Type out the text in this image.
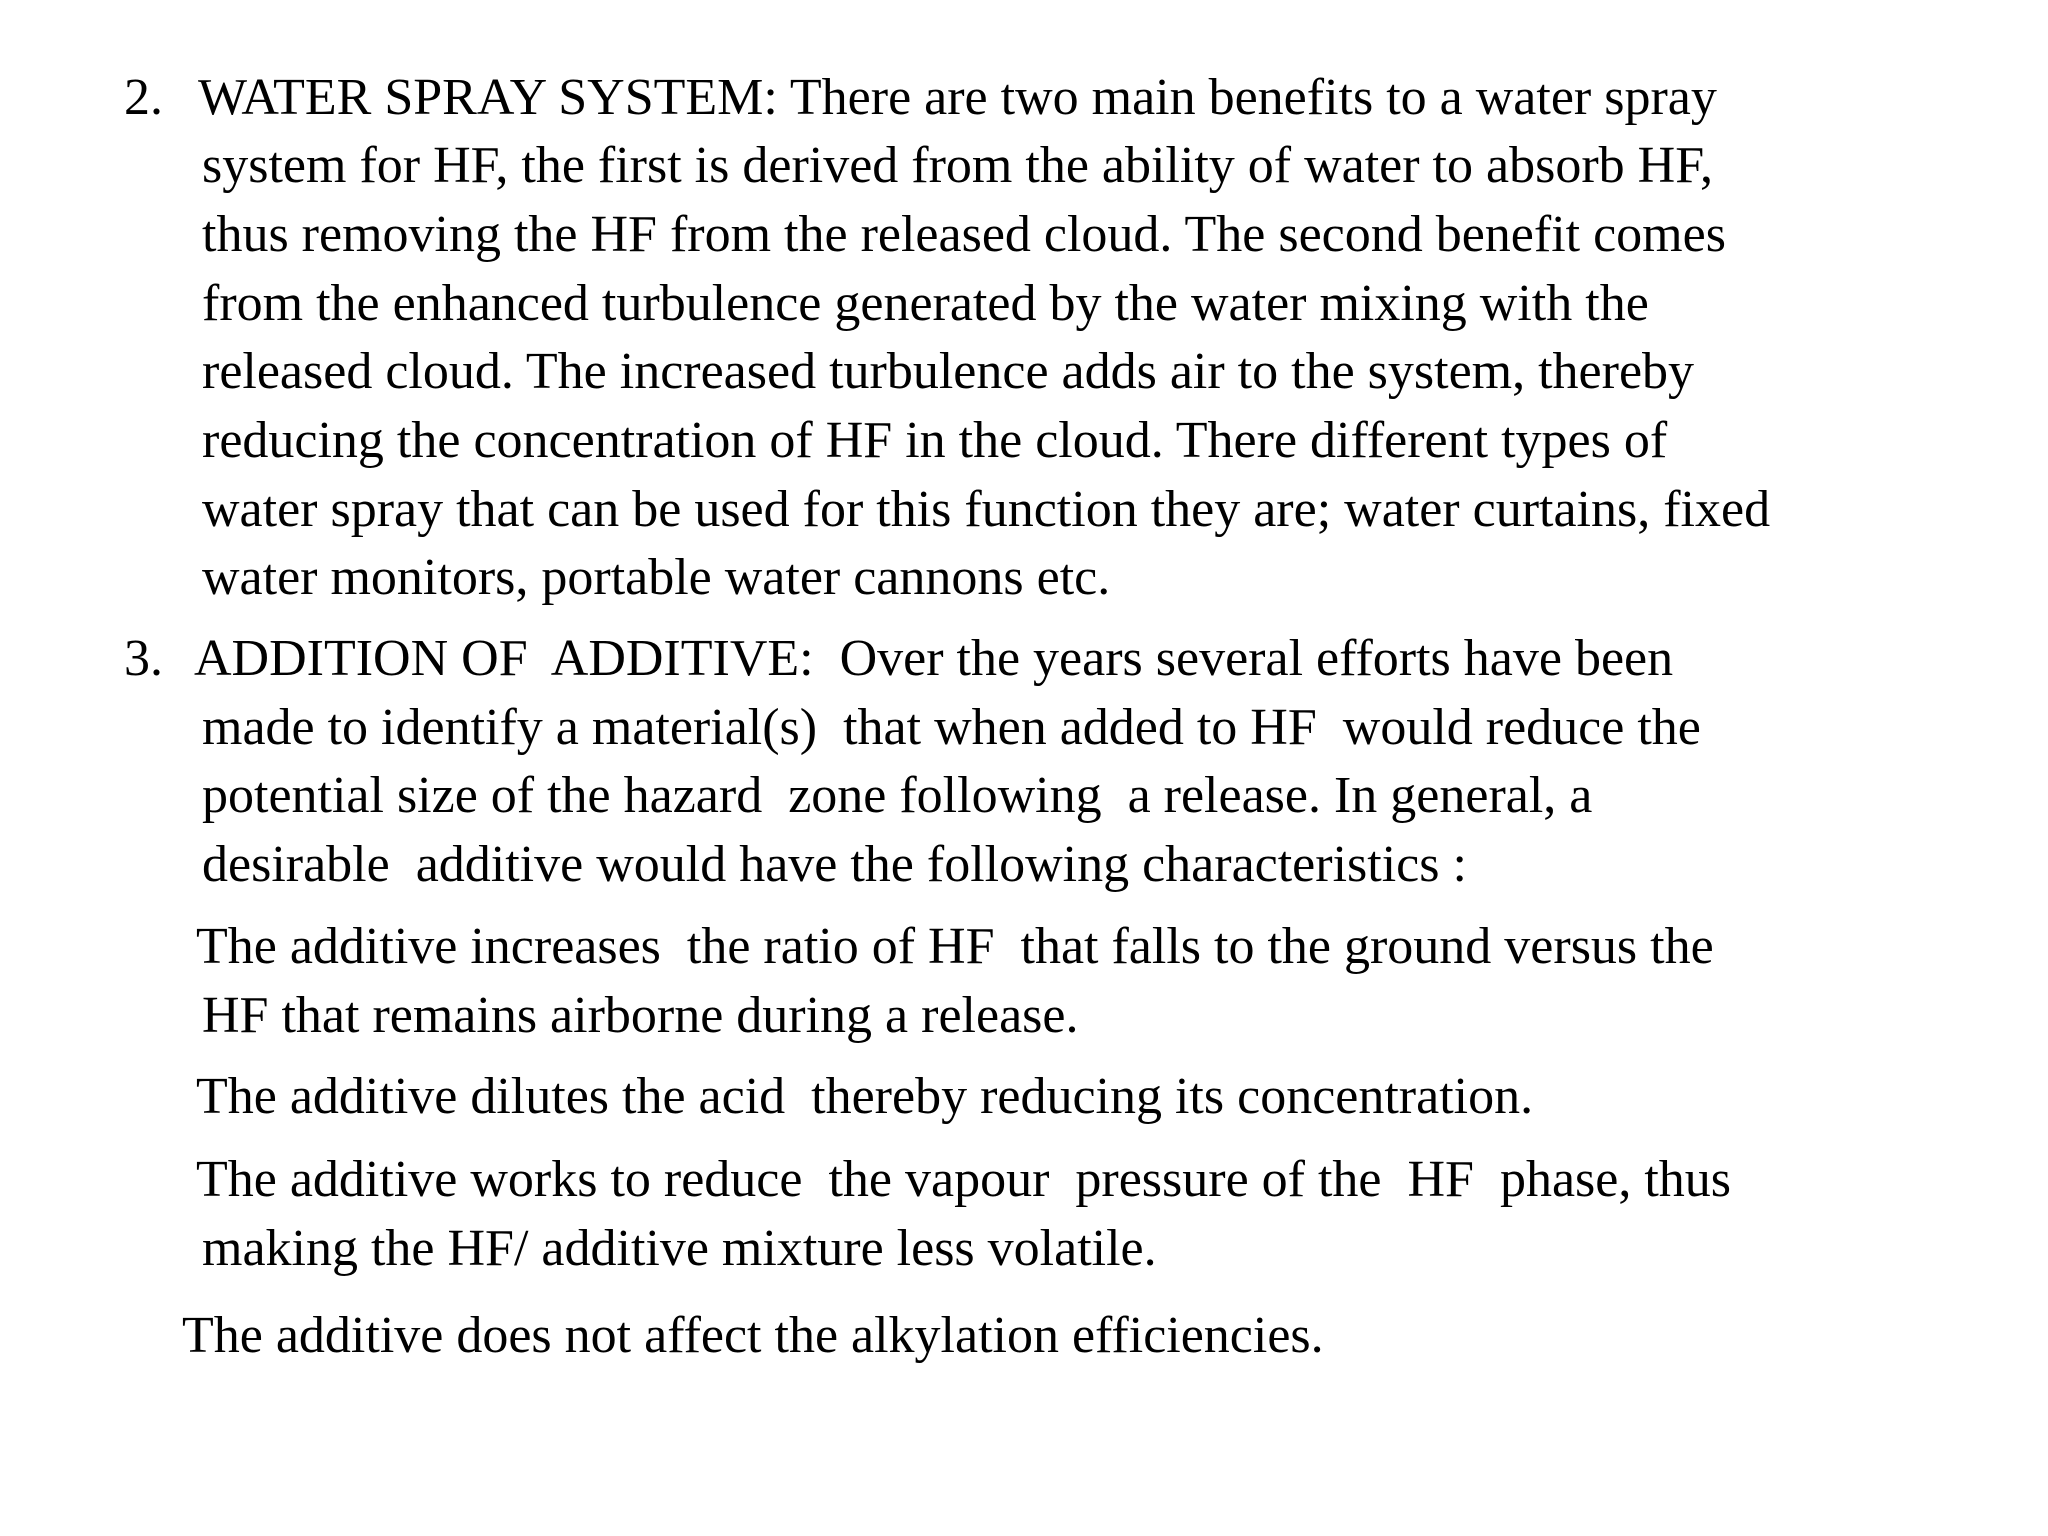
2. WATER SPRAY SYSTEM: There are two main benefits to a water spray
system for HF, the first is derived from the ability of water to absorb HF,
thus removing the HF from the released cloud. The second benefit comes
from the enhanced turbulence generated by the water mixing with the
released cloud. The increased turbulence adds air to the system, thereby
reducing the concentration of HF in the cloud. There different types of
water spray that can be used for this function they are; water curtains, fixed
water monitors, portable water cannons etc.
3. ADDITION OF  ADDITIVE:  Over the years several efforts have been
made to identify a material(s)  that when added to HF  would reduce the
potential size of the hazard  zone following  a release. In general, a
desirable  additive would have the following characteristics :
The additive increases  the ratio of HF  that falls to the ground versus the
HF that remains airborne during a release.
The additive dilutes the acid  thereby reducing its concentration.
The additive works to reduce  the vapour  pressure of the  HF  phase, thus
making the HF/ additive mixture less volatile.
The additive does not affect the alkylation efficiencies.
